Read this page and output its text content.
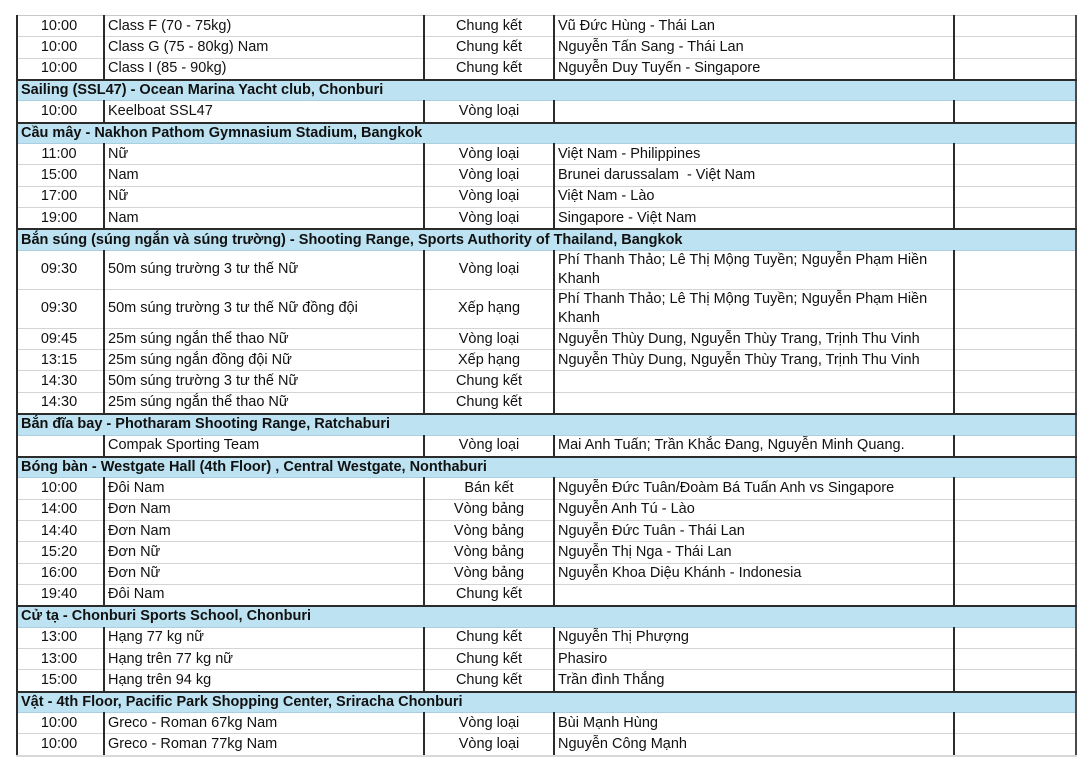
10:00	Class F (70 - 75kg)	Chung kết	Vũ Đức Hùng - Thái Lan	
10:00	Class G (75 - 80kg) Nam	Chung kết	Nguyễn Tấn Sang - Thái Lan	
10:00	Class I (85 - 90kg)	Chung kết	Nguyễn Duy Tuyến - Singapore	
Sailing (SSL47) - Ocean Marina Yacht club, Chonburi				
10:00	Keelboat SSL47	Vòng loại		
Cầu mây - Nakhon Pathom Gymnasium Stadium, Bangkok				
11:00	Nữ	Vòng loại	Việt Nam - Philippines	
15:00	Nam	Vòng loại	Brunei darussalam  - Việt Nam	
17:00	Nữ	Vòng loại	Việt Nam - Lào	
19:00	Nam	Vòng loại	Singapore - Việt Nam	
Bắn súng (súng ngắn và súng trường) - Shooting Range, Sports Authority of Thailand, Bangkok				
09:30	50m súng trường 3 tư thế Nữ	Vòng loại	Phí Thanh Thảo; Lê Thị Mộng Tuyền; Nguyễn Phạm Hiền Khanh	
09:30	50m súng trường 3 tư thế Nữ đồng đội	Xếp hạng	Phí Thanh Thảo; Lê Thị Mộng Tuyền; Nguyễn Phạm Hiền Khanh	
09:45	25m súng ngắn thể thao Nữ	Vòng loại	Nguyễn Thùy Dung, Nguyễn Thùy Trang, Trịnh Thu Vinh	
13:15	25m súng ngắn đồng đội Nữ	Xếp hạng	Nguyễn Thùy Dung, Nguyễn Thùy Trang, Trịnh Thu Vinh	
14:30	50m súng trường 3 tư thế Nữ	Chung kết		
14:30	25m súng ngắn thể thao Nữ	Chung kết		
Bắn đĩa bay - Photharam Shooting Range, Ratchaburi				
	Compak Sporting Team	Vòng loại	Mai Anh Tuấn; Trần Khắc Đang, Nguyễn Minh Quang.	
Bóng bàn - Westgate Hall (4th Floor) , Central Westgate, Nonthaburi				
10:00	Đôi Nam	Bán kết	Nguyễn Đức Tuân/Đoàm Bá Tuấn Anh vs Singapore	
14:00	Đơn Nam	Vòng bảng	Nguyễn Anh Tú - Lào	
14:40	Đơn Nam	Vòng bảng	Nguyễn Đức Tuân - Thái Lan	
15:20	Đơn Nữ	Vòng bảng	Nguyễn Thị Nga - Thái Lan	
16:00	Đơn Nữ	Vòng bảng	Nguyễn Khoa Diệu Khánh - Indonesia	
19:40	Đôi Nam	Chung kết		
Cử tạ - Chonburi Sports School, Chonburi				
13:00	Hạng 77 kg nữ	Chung kết	Nguyễn Thị Phượng	
13:00	Hạng trên 77 kg nữ	Chung kết	Phasiro	
15:00	Hạng trên 94 kg	Chung kết	Trần đình Thắng	
Vật - 4th Floor, Pacific Park Shopping Center, Sriracha Chonburi				
10:00	Greco - Roman 67kg Nam	Vòng loại	Bùi Mạnh Hùng	
10:00	Greco - Roman 77kg Nam	Vòng loại	Nguyễn Công Mạnh	
